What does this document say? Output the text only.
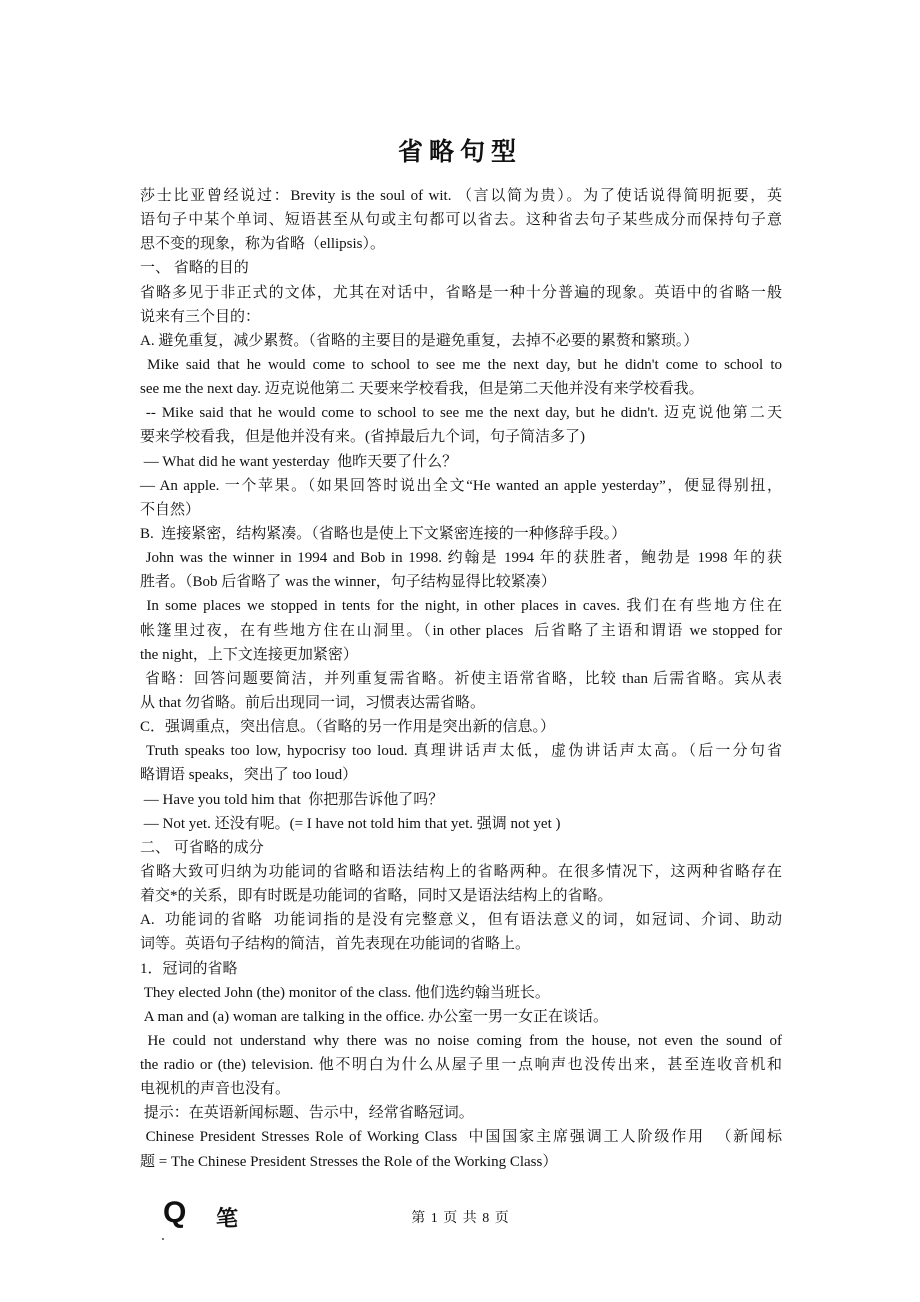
省略句型
莎士比亚曾经说过：Brevity is the soul of wit. （言以简为贵）。为了使话说得简明扼要，英
语句子中某个单词、短语甚至从句或主句都可以省去。这种省去句子某些成分而保持句子意
思不变的现象，称为省略（ellipsis）。
一、 省略的目的
省略多见于非正式的文体，尤其在对话中，省略是一种十分普遍的现象。英语中的省略一般
说来有三个目的：
A. 避免重复，减少累赘。（省略的主要目的是避免重复，去掉不必要的累赘和繁琐。）
Mike said that he would come to school to see me the next day, but he didn't come to school to
see me the next day. 迈克说他第二 天要来学校看我，但是第二天他并没有来学校看我。
-- Mike said that he would come to school to see me the next day, but he didn't. 迈克说他第二天
要来学校看我，但是他并没有来。(省掉最后九个词，句子简洁多了)
— What did he want yesterday  他昨天要了什么？
— An apple. 一个苹果。（如果回答时说出全文“He wanted an apple yesterday”，便显得别扭，
不自然）
B.  连接紧密，结构紧凑。（省略也是使上下文紧密连接的一种修辞手段。）
John was the winner in 1994 and Bob in 1998. 约翰是 1994 年的获胜者，鲍勃是 1998 年的获
胜者。（Bob 后省略了 was the winner，句子结构显得比较紧凑）
In some places we stopped in tents for the night, in other places in caves. 我们在有些地方住在
帐篷里过夜，在有些地方住在山洞里。（in other places  后省略了主语和谓语 we stopped for
the night，上下文连接更加紧密）
省略：回答问题要简洁，并列重复需省略。祈使主语常省略，比较 than 后需省略。宾从表
从 that 勿省略。前后出现同一词，习惯表达需省略。
C．强调重点，突出信息。（省略的另一作用是突出新的信息。）
Truth speaks too low, hypocrisy too loud. 真理讲话声太低，虚伪讲话声太高。（后一分句省
略谓语 speaks，突出了 too loud）
— Have you told him that  你把那告诉他了吗？
— Not yet. 还没有呢。(= I have not told him that yet. 强调 not yet )
二、 可省略的成分
省略大致可归纳为功能词的省略和语法结构上的省略两种。在很多情况下，这两种省略存在
着交*的关系，即有时既是功能词的省略，同时又是语法结构上的省略。
A.  功能词的省略  功能词指的是没有完整意义，但有语法意义的词，如冠词、介词、助动
词等。英语句子结构的简洁，首先表现在功能词的省略上。
1．冠词的省略
They elected John (the) monitor of the class. 他们选约翰当班长。
A man and (a) woman are talking in the office. 办公室一男一女正在谈话。
He could not understand why there was no noise coming from the house, not even the sound of
the radio or (the) television. 他不明白为什么从屋子里一点响声也没传出来，甚至连收音机和
电视机的声音也没有。
提示：在英语新闻标题、告示中，经常省略冠词。
Chinese President Stresses Role of Working Class  中国国家主席强调工人阶级作用  （新闻标
题 = The Chinese President Stresses the Role of the Working Class）
Q 笔	第 1 页 共 8 页
